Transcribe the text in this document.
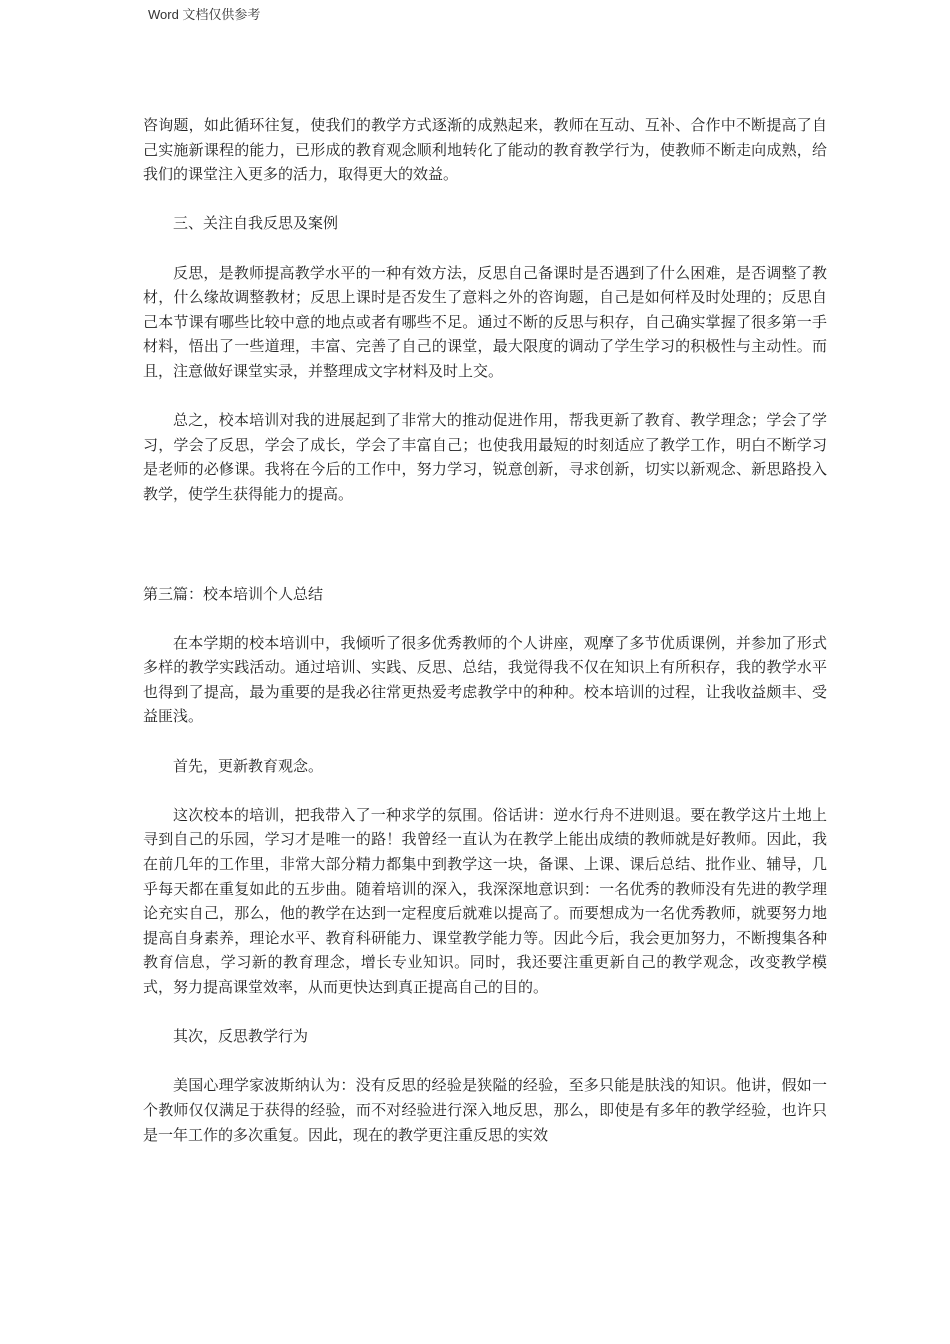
Word 文档仅供参考

咨询题，如此循环往复，使我们的教学方式逐渐的成熟起来，教师在互动、互补、合作中不断提高了自己实施新课程的能力，已形成的教育观念顺利地转化了能动的教育教学行为，使教师不断走向成熟，给我们的课堂注入更多的活力，取得更大的效益。

三、关注自我反思及案例

反思，是教师提高教学水平的一种有效方法，反思自己备课时是否遇到了什么困难，是否调整了教材，什么缘故调整教材；反思上课时是否发生了意料之外的咨询题，自己是如何样及时处理的；反思自己本节课有哪些比较中意的地点或者有哪些不足。通过不断的反思与积存，自己确实掌握了很多第一手材料，悟出了一些道理，丰富、完善了自己的课堂，最大限度的调动了学生学习的积极性与主动性。而且，注意做好课堂实录，并整理成文字材料及时上交。

总之，校本培训对我的进展起到了非常大的推动促进作用，帮我更新了教育、教学理念；学会了学习，学会了反思，学会了成长，学会了丰富自己；也使我用最短的时刻适应了教学工作，明白不断学习是老师的必修课。我将在今后的工作中，努力学习，锐意创新，寻求创新，切实以新观念、新思路投入教学，使学生获得能力的提高。

第三篇：校本培训个人总结

在本学期的校本培训中，我倾听了很多优秀教师的个人讲座，观摩了多节优质课例，并参加了形式多样的教学实践活动。通过培训、实践、反思、总结，我觉得我不仅在知识上有所积存，我的教学水平也得到了提高，最为重要的是我必往常更热爱考虑教学中的种种。校本培训的过程，让我收益颇丰、受益匪浅。

首先，更新教育观念。

这次校本的培训，把我带入了一种求学的氛围。俗话讲：逆水行舟不进则退。要在教学这片土地上寻到自己的乐园，学习才是唯一的路！我曾经一直认为在教学上能出成绩的教师就是好教师。因此，我在前几年的工作里，非常大部分精力都集中到教学这一块，备课、上课、课后总结、批作业、辅导，几乎每天都在重复如此的五步曲。随着培训的深入，我深深地意识到：一名优秀的教师没有先进的教学理论充实自己，那么，他的教学在达到一定程度后就难以提高了。而要想成为一名优秀教师，就要努力地提高自身素养，理论水平、教育科研能力、课堂教学能力等。因此今后，我会更加努力，不断搜集各种教育信息，学习新的教育理念，增长专业知识。同时，我还要注重更新自己的教学观念，改变教学模式，努力提高课堂效率，从而更快达到真正提高自己的目的。

其次，反思教学行为

美国心理学家波斯纳认为：没有反思的经验是狭隘的经验，至多只能是肤浅的知识。他讲，假如一个教师仅仅满足于获得的经验，而不对经验进行深入地反思，那么，即使是有多年的教学经验，也许只是一年工作的多次重复。因此，现在的教学更注重反思的实效
